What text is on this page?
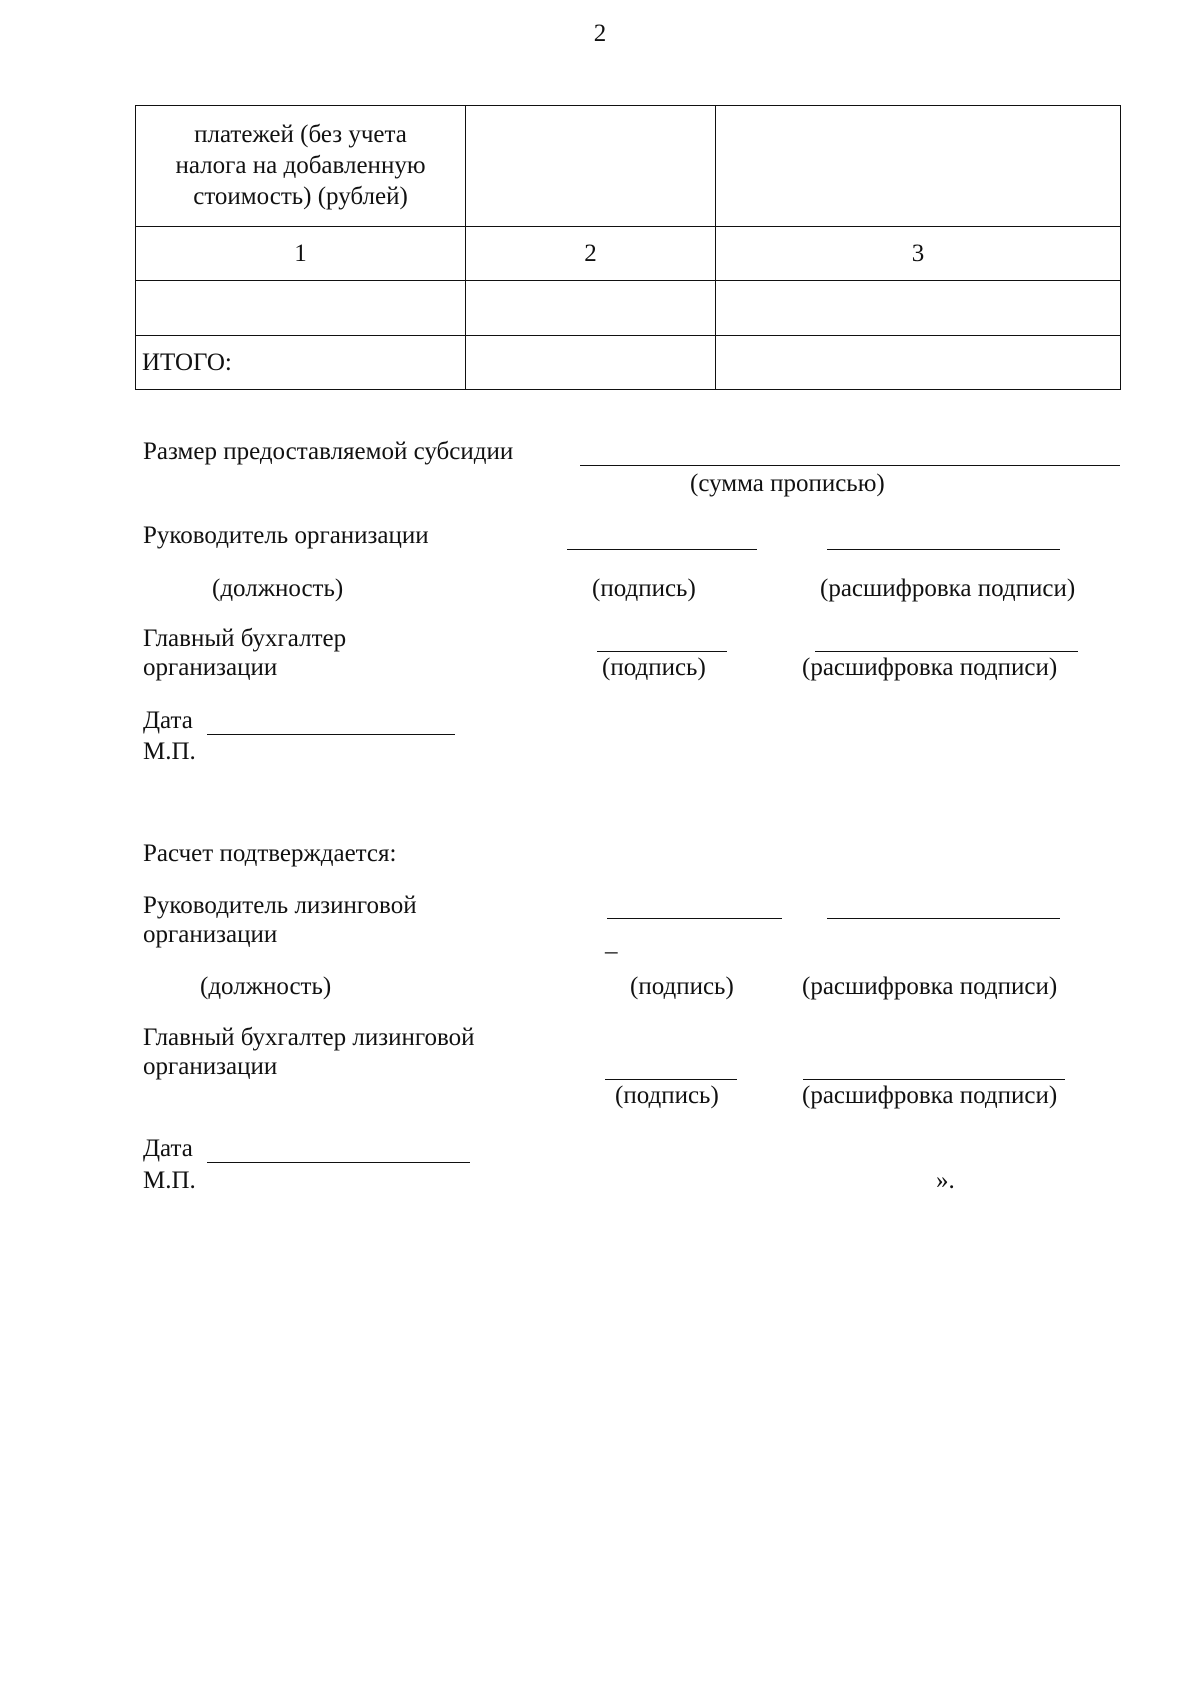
2
платежей (без учета
налога на добавленную
стоимость) (рублей)		

1	2	3

ИТОГО:		
Размер предоставляемой субсидии
(сумма прописью)
Руководитель организации
(должность)	(подпись)	(расшифровка подписи)
Главный бухгалтер
организации	(подпись)	(расшифровка подписи)
Дата
М.П.
Расчет подтверждается:
Руководитель лизинговой
организации	_
(должность)	(подпись)	(расшифровка подписи)
Главный бухгалтер лизинговой
организации
(подпись)	(расшифровка подписи)
Дата
М.П.	».
